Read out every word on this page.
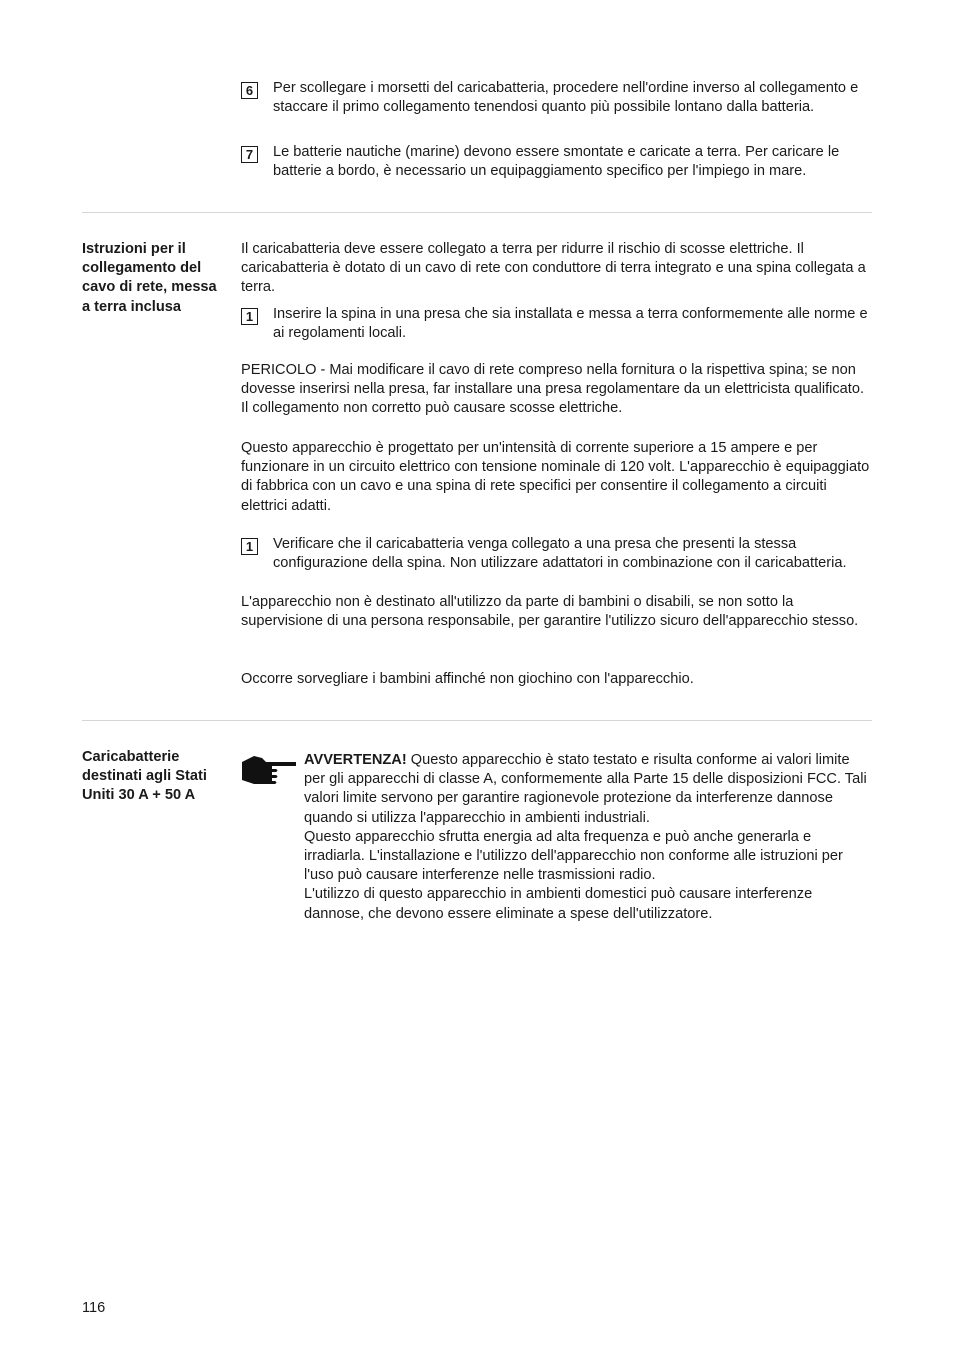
6	Per scollegare i morsetti del caricabatteria, procedere nell'ordine inverso al collegamento e staccare il primo collegamento tenendosi quanto più possibile lontano dalla batteria.
7	Le batterie nautiche (marine) devono essere smontate e caricate a terra. Per caricare le batterie a bordo, è necessario un equipaggiamento specifico per l'impiego in mare.
Istruzioni per il collegamento del cavo di rete, messa a terra inclusa
Il caricabatteria deve essere collegato a terra per ridurre il rischio di scosse elettriche. Il caricabatteria è dotato di un cavo di rete con conduttore di terra integrato e una spina collegata a terra.
1	Inserire la spina in una presa che sia installata e messa a terra conformemente alle norme e ai regolamenti locali.
PERICOLO - Mai modificare il cavo di rete compreso nella fornitura o la rispettiva spina; se non dovesse inserirsi nella presa, far installare una presa regolamentare da un elettricista qualificato. Il collegamento non corretto può causare scosse elettriche.
Questo apparecchio è progettato per un'intensità di corrente superiore a 15 ampere e per funzionare in un circuito elettrico con tensione nominale di 120 volt. L'apparecchio è equipaggiato di fabbrica con un cavo e una spina di rete specifici per consentire il collegamento a circuiti elettrici adatti.
1	Verificare che il caricabatteria venga collegato a una presa che presenti la stessa configurazione della spina. Non utilizzare adattatori in combinazione con il caricabatteria.
L'apparecchio non è destinato all'utilizzo da parte di bambini o disabili, se non sotto la supervisione di una persona responsabile, per garantire l'utilizzo sicuro dell'apparecchio stesso.
Occorre sorvegliare i bambini affinché non giochino con l'apparecchio.
Caricabatterie destinati agli Stati Uniti 30 A + 50 A

AVVERTENZA! Questo apparecchio è stato testato e risulta conforme ai valori limite per gli apparecchi di classe A, conformemente alla Parte 15 delle disposizioni FCC. Tali valori limite servono per garantire ragionevole protezione da interferenze dannose quando si utilizza l'apparecchio in ambienti industriali.

Questo apparecchio sfrutta energia ad alta frequenza e può anche generarla e irradiarla. L'installazione e l'utilizzo dell'apparecchio non conforme alle istruzioni per l'uso può causare interferenze nelle trasmissioni radio.

L'utilizzo di questo apparecchio in ambienti domestici può causare interferenze dannose, che devono essere eliminate a spese dell'utilizzatore.

116
